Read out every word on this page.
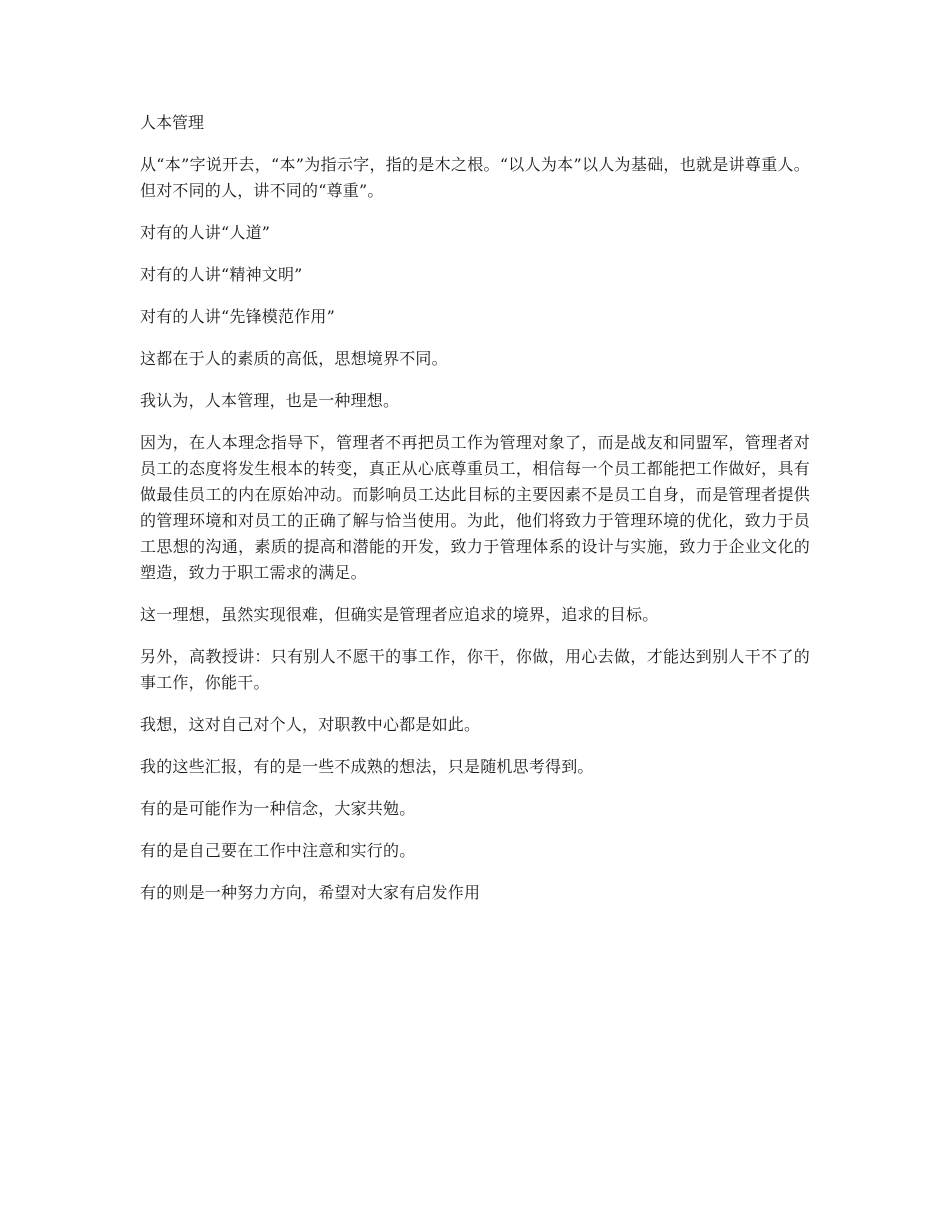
人本管理

从“本”字说开去，“本”为指示字，指的是木之根。“以人为本”以人为基础，也就是讲尊重人。但对不同的人，讲不同的“尊重”。

对有的人讲“人道”

对有的人讲“精神文明”

对有的人讲“先锋模范作用”

这都在于人的素质的高低，思想境界不同。

我认为，人本管理，也是一种理想。

因为，在人本理念指导下，管理者不再把员工作为管理对象了，而是战友和同盟军，管理者对员工的态度将发生根本的转变，真正从心底尊重员工，相信每一个员工都能把工作做好，具有做最佳员工的内在原始冲动。而影响员工达此目标的主要因素不是员工自身，而是管理者提供的管理环境和对员工的正确了解与恰当使用。为此，他们将致力于管理环境的优化，致力于员工思想的沟通，素质的提高和潜能的开发，致力于管理体系的设计与实施，致力于企业文化的塑造，致力于职工需求的满足。

这一理想，虽然实现很难，但确实是管理者应追求的境界，追求的目标。

另外，高教授讲：只有别人不愿干的事工作，你干，你做，用心去做，才能达到别人干不了的事工作，你能干。

我想，这对自己对个人，对职教中心都是如此。

我的这些汇报，有的是一些不成熟的想法，只是随机思考得到。

有的是可能作为一种信念，大家共勉。

有的是自己要在工作中注意和实行的。

有的则是一种努力方向，希望对大家有启发作用
